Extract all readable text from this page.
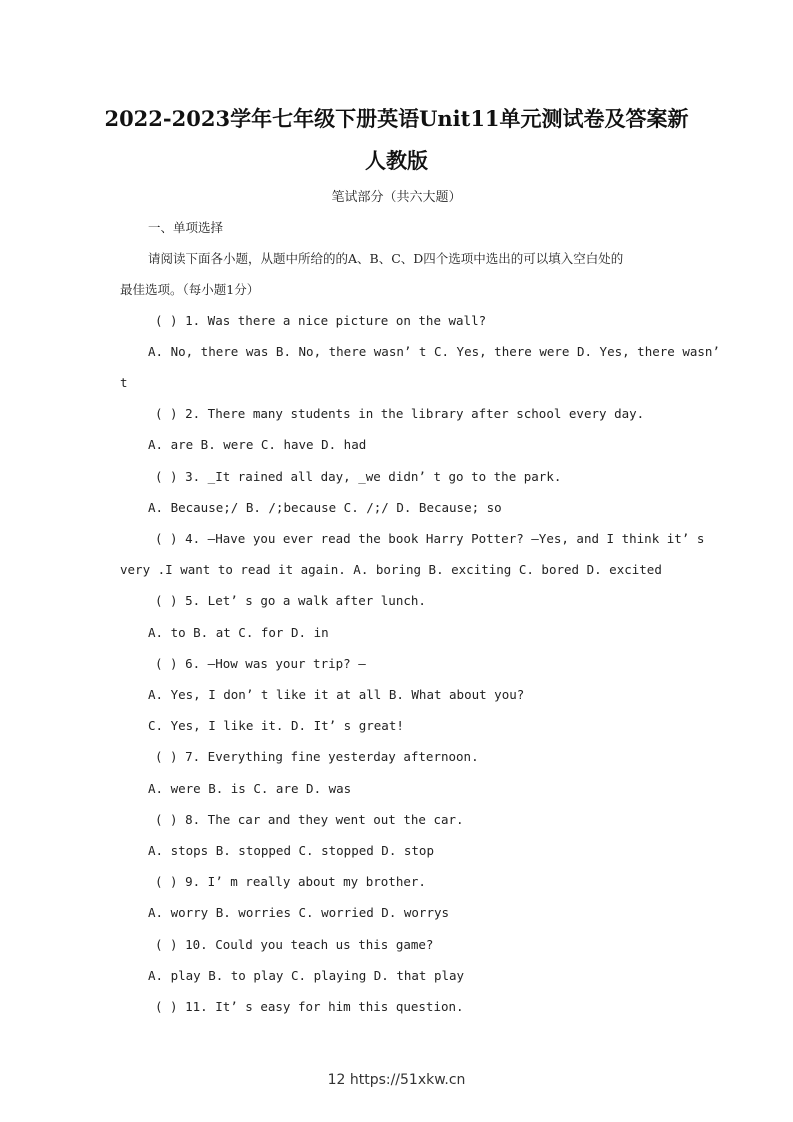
2022-2023学年七年级下册英语Unit11单元测试卷及答案新
人教版
笔试部分（共六大题）
一、单项选择
请阅读下面各小题，从题中所给的的A、B、C、D四个选项中选出的可以填入空白处的
最佳选项。（每小题1分）
( ) 1. Was there a nice picture on the wall?
A. No, there was B. No, there wasn’ t C. Yes, there were D. Yes, there wasn’
t
( ) 2. There many students in the library after school every day.
A. are B. were C. have D. had
( ) 3. _It rained all day, _we didn’ t go to the park.
A. Because;/ B. /;because C. /;/ D. Because; so
( ) 4. —Have you ever read the book Harry Potter? —Yes, and I think it’ s
very .I want to read it again. A. boring B. exciting C. bored D. excited
( ) 5. Let’ s go a walk after lunch.
A. to B. at C. for D. in
( ) 6. —How was your trip? —
A. Yes, I don’ t like it at all B. What about you?
C. Yes, I like it. D. It’ s great!
( ) 7. Everything fine yesterday afternoon.
A. were B. is C. are D. was
( ) 8. The car and they went out the car.
A. stops B. stopped C. stopped D. stop
( ) 9. I’ m really about my brother.
A. worry B. worries C. worried D. worrys
( ) 10. Could you teach us this game?
A. play B. to play C. playing D. that play
( ) 11. It’ s easy for him this question.
12 https://51xkw.cn
